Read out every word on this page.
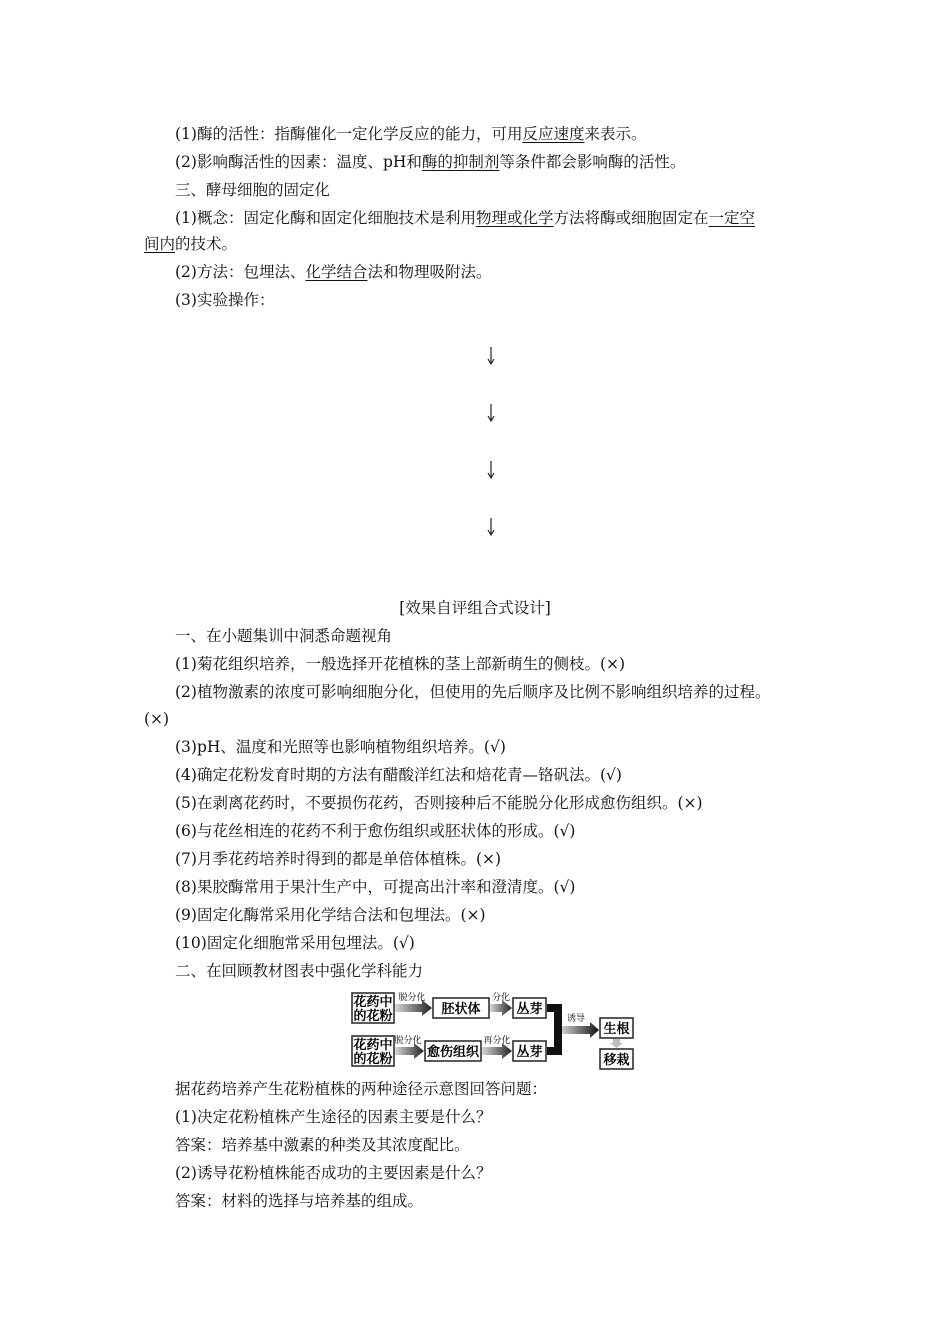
(1)酶的活性：指酶催化一定化学反应的能力，可用反应速度来表示。
(2)影响酶活性的因素：温度、pH和酶的抑制剂等条件都会影响酶的活性。
三、酵母细胞的固定化
(1)概念：固定化酶和固定化细胞技术是利用物理或化学方法将酶或细胞固定在一定空
间内的技术。
(2)方法：包埋法、化学结合法和物理吸附法。
(3)实验操作：
[效果自评组合式设计]
一、在小题集训中洞悉命题视角
(1)菊花组织培养，一般选择开花植株的茎上部新萌生的侧枝。(×)
(2)植物激素的浓度可影响细胞分化，但使用的先后顺序及比例不影响组织培养的过程。
(×)
(3)pH、温度和光照等也影响植物组织培养。(√)
(4)确定花粉发育时期的方法有醋酸洋红法和焙花青—铬矾法。(√)
(5)在剥离花药时，不要损伤花药，否则接种后不能脱分化形成愈伤组织。(×)
(6)与花丝相连的花药不利于愈伤组织或胚状体的形成。(√)
(7)月季花药培养时得到的都是单倍体植株。(×)
(8)果胶酶常用于果汁生产中，可提高出汁率和澄清度。(√)
(9)固定化酶常采用化学结合法和包埋法。(×)
(10)固定化细胞常采用包埋法。(√)
二、在回顾教材图表中强化学科能力
花药中
的花粉
脱分化
胚状体
分化
丛芽
花药中
的花粉
脱分化
愈伤组织
再分化
丛芽
诱导
生根
移栽
据花药培养产生花粉植株的两种途径示意图回答问题：
(1)决定花粉植株产生途径的因素主要是什么？
答案：培养基中激素的种类及其浓度配比。
(2)诱导花粉植株能否成功的主要因素是什么？
答案：材料的选择与培养基的组成。
